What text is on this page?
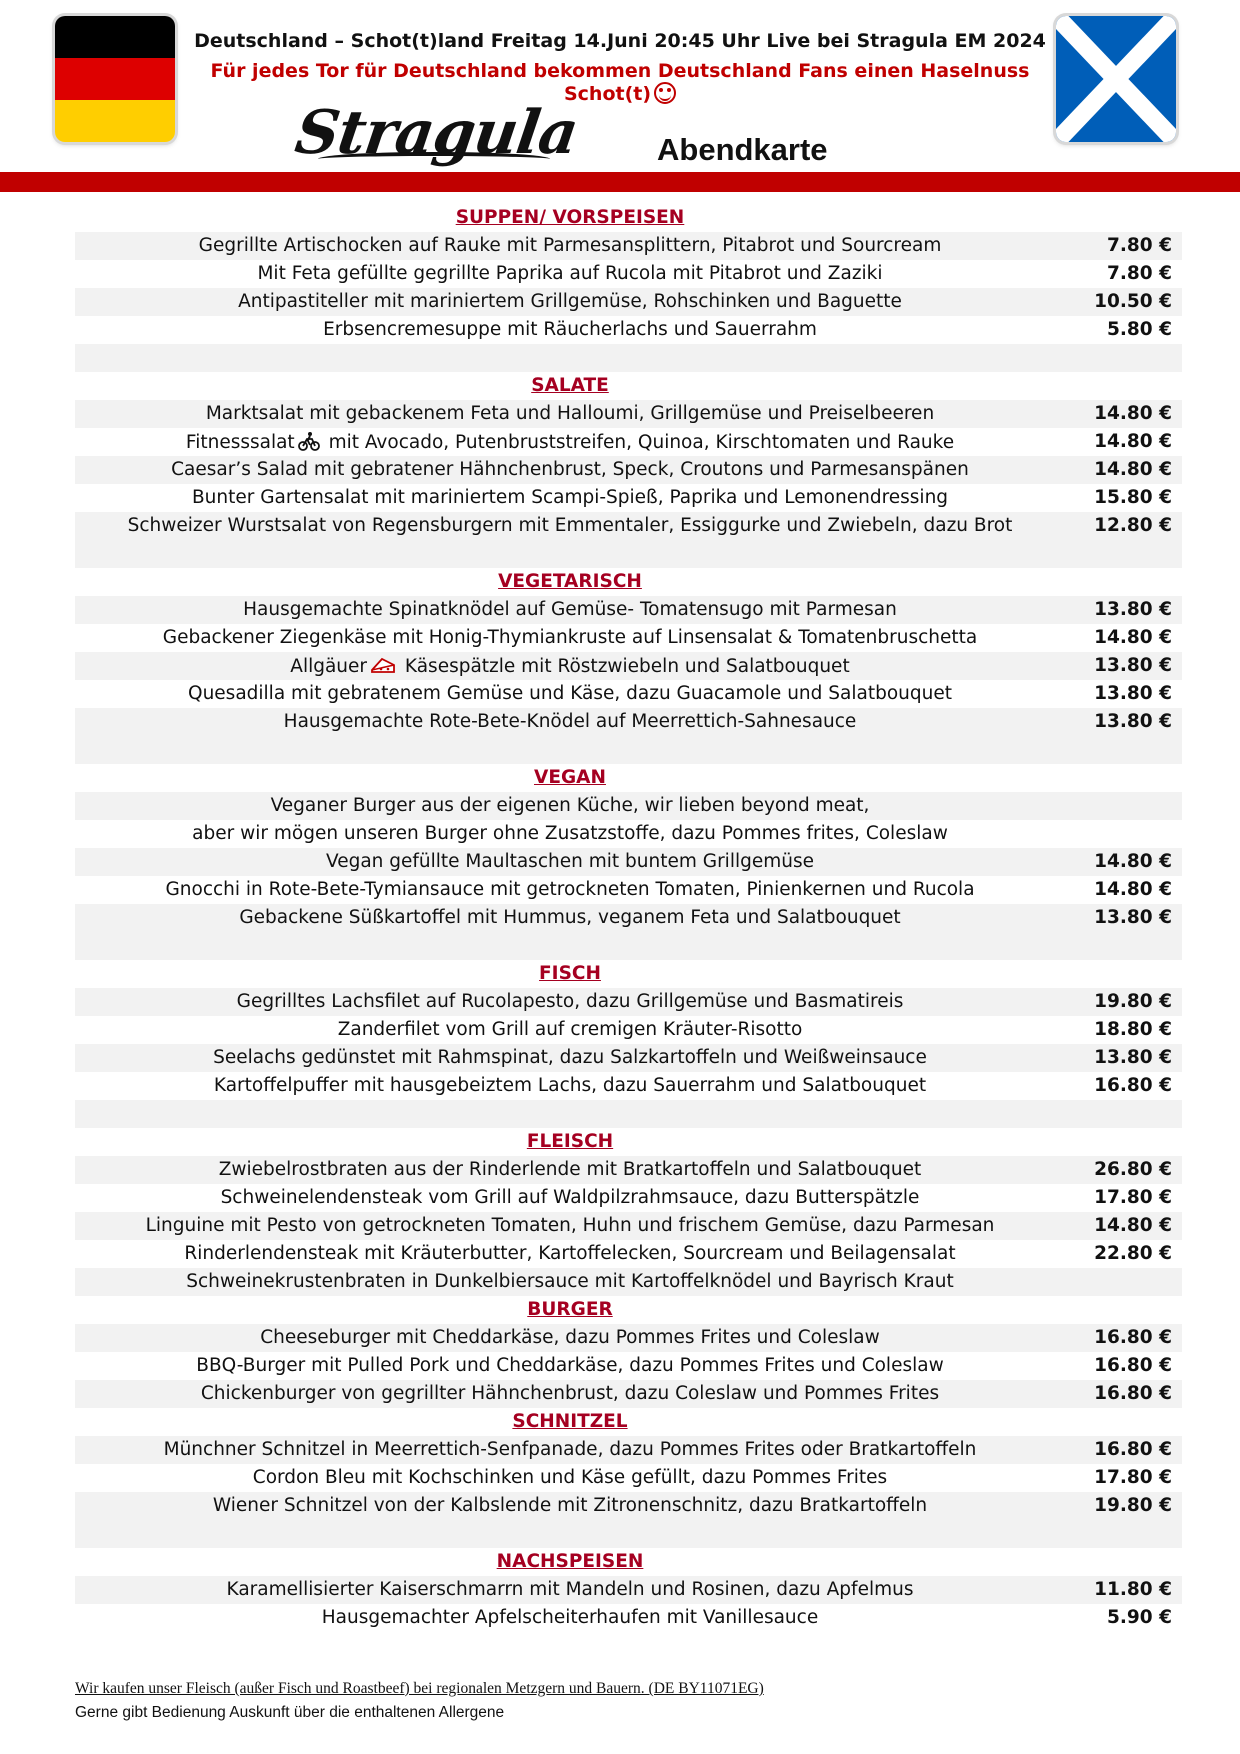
Deutschland – Schot(t)land Freitag 14.Juni 20:45 Uhr Live bei Stragula EM 2024
Für jedes Tor für Deutschland bekommen Deutschland Fans einen Haselnuss Schot(t)
Stragula Abendkarte
SUPPEN/ VORSPEISEN
Gegrillte Artischocken auf Rauke mit Parmesansplittern, Pitabrot und Sourcream	7.80 €
Mit Feta gefüllte gegrillte Paprika auf Rucola mit Pitabrot und Zaziki	7.80 €
Antipastiteller mit mariniertem Grillgemüse, Rohschinken und Baguette	10.50 €
Erbsencremesuppe mit Räucherlachs und Sauerrahm	5.80 €
SALATE
Marktsalat mit gebackenem Feta und Halloumi, Grillgemüse und Preiselbeeren	14.80 €
Fitnesssalat mit Avocado, Putenbruststreifen, Quinoa, Kirschtomaten und Rauke	14.80 €
Caesar’s Salad mit gebratener Hähnchenbrust, Speck, Croutons und Parmesanspänen	14.80 €
Bunter Gartensalat mit mariniertem Scampi-Spieß, Paprika und Lemonendressing	15.80 €
Schweizer Wurstsalat von Regensburgern mit Emmentaler, Essiggurke und Zwiebeln, dazu Brot	12.80 €
VEGETARISCH
Hausgemachte Spinatknödel auf Gemüse- Tomatensugo mit Parmesan	13.80 €
Gebackener Ziegenkäse mit Honig-Thymiankruste auf Linsensalat & Tomatenbruschetta	14.80 €
Allgäuer Käsespätzle mit Röstzwiebeln und Salatbouquet	13.80 €
Quesadilla mit gebratenem Gemüse und Käse, dazu Guacamole und Salatbouquet	13.80 €
Hausgemachte Rote-Bete-Knödel auf Meerrettich-Sahnesauce	13.80 €
VEGAN
Veganer Burger aus der eigenen Küche, wir lieben beyond meat,
aber wir mögen unseren Burger ohne Zusatzstoffe, dazu Pommes frites, Coleslaw
Vegan gefüllte Maultaschen mit buntem Grillgemüse	14.80 €
Gnocchi in Rote-Bete-Tymiansauce mit getrockneten Tomaten, Pinienkernen und Rucola	14.80 €
Gebackene Süßkartoffel mit Hummus, veganem Feta und Salatbouquet	13.80 €
FISCH
Gegrilltes Lachsfilet auf Rucolapesto, dazu Grillgemüse und Basmatireis	19.80 €
Zanderfilet vom Grill auf cremigen Kräuter-Risotto	18.80 €
Seelachs gedünstet mit Rahmspinat, dazu Salzkartoffeln und Weißweinsauce	13.80 €
Kartoffelpuffer mit hausgebeiztem Lachs, dazu Sauerrahm und Salatbouquet	16.80 €
FLEISCH
Zwiebelrostbraten aus der Rinderlende mit Bratkartoffeln und Salatbouquet	26.80 €
Schweinelendensteak vom Grill auf Waldpilzrahmsauce, dazu Butterspätzle	17.80 €
Linguine mit Pesto von getrockneten Tomaten, Huhn und frischem Gemüse, dazu Parmesan	14.80 €
Rinderlendensteak mit Kräuterbutter, Kartoffelecken, Sourcream und Beilagensalat	22.80 €
Schweinekrustenbraten in Dunkelbiersauce mit Kartoffelknödel und Bayrisch Kraut
BURGER
Cheeseburger mit Cheddarkäse, dazu Pommes Frites und Coleslaw	16.80 €
BBQ-Burger mit Pulled Pork und Cheddarkäse, dazu Pommes Frites und Coleslaw	16.80 €
Chickenburger von gegrillter Hähnchenbrust, dazu Coleslaw und Pommes Frites	16.80 €
SCHNITZEL
Münchner Schnitzel in Meerrettich-Senfpanade, dazu Pommes Frites oder Bratkartoffeln	16.80 €
Cordon Bleu mit Kochschinken und Käse gefüllt, dazu Pommes Frites	17.80 €
Wiener Schnitzel von der Kalbslende mit Zitronenschnitz, dazu Bratkartoffeln	19.80 €
NACHSPEISEN
Karamellisierter Kaiserschmarrn mit Mandeln und Rosinen, dazu Apfelmus	11.80 €
Hausgemachter Apfelscheiterhaufen mit Vanillesauce	5.90 €
Wir kaufen unser Fleisch (außer Fisch und Roastbeef) bei regionalen Metzgern und Bauern. (DE BY11071EG)
Gerne gibt Bedienung Auskunft über die enthaltenen Allergene
